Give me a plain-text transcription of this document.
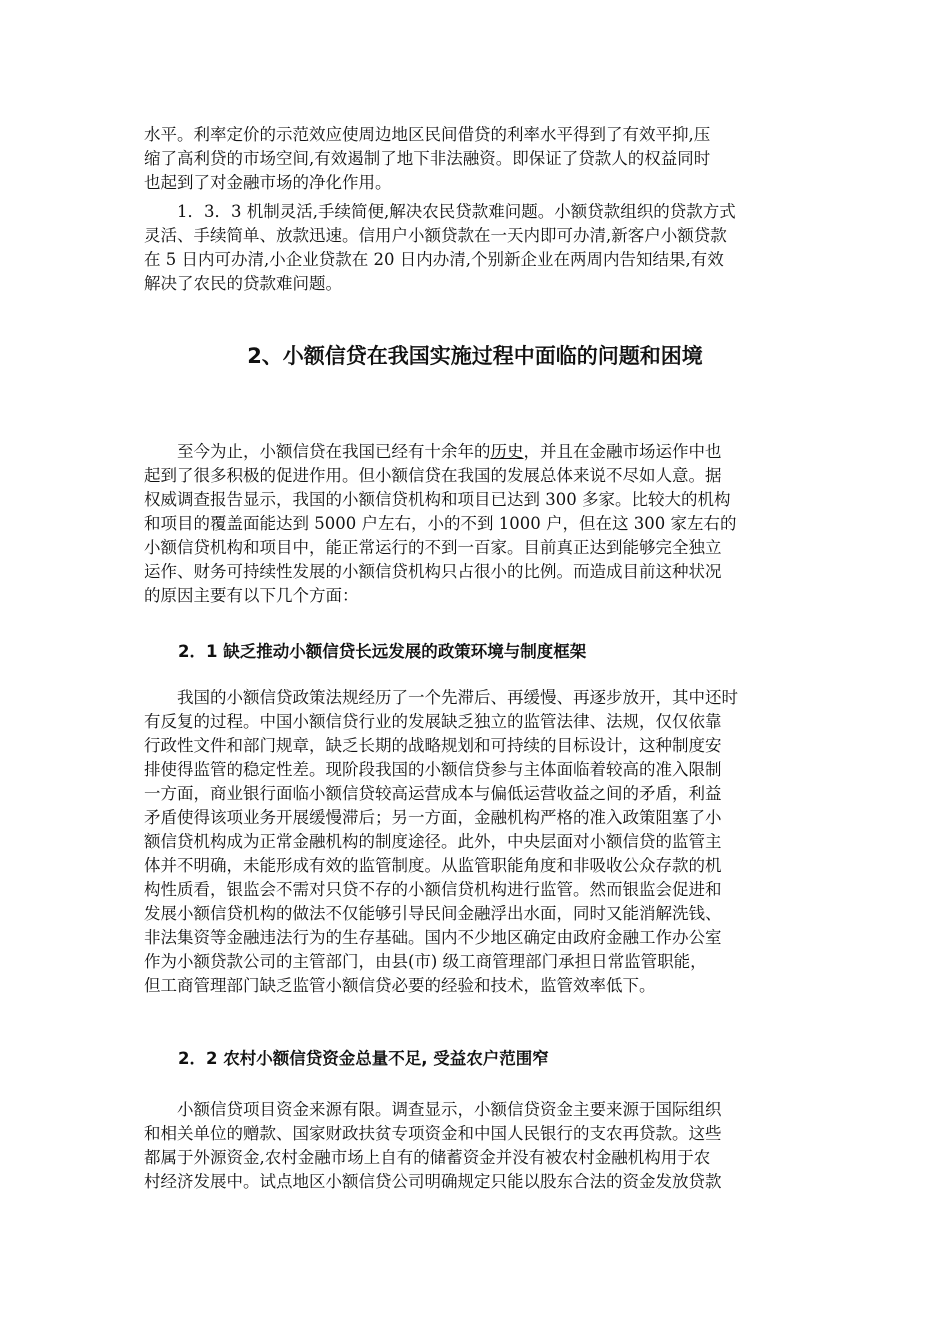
水平。利率定价的示范效应使周边地区民间借贷的利率水平得到了有效平抑,压
缩了高利贷的市场空间,有效遏制了地下非法融资。即保证了贷款人的权益同时
也起到了对金融市场的净化作用。
1．3．3 机制灵活,手续简便,解决农民贷款难问题。小额贷款组织的贷款方式
灵活、手续简单、放款迅速。信用户小额贷款在一天内即可办清,新客户小额贷款
在 5 日内可办清,小企业贷款在 20 日内办清,个别新企业在两周内告知结果,有效
解决了农民的贷款难问题。
2、小额信贷在我国实施过程中面临的问题和困境
至今为止，小额信贷在我国已经有十余年的历史，并且在金融市场运作中也
起到了很多积极的促进作用。但小额信贷在我国的发展总体来说不尽如人意。据
权威调查报告显示，我国的小额信贷机构和项目已达到 300 多家。比较大的机构
和项目的覆盖面能达到 5000 户左右，小的不到 1000 户，但在这 300 家左右的
小额信贷机构和项目中，能正常运行的不到一百家。目前真正达到能够完全独立
运作、财务可持续性发展的小额信贷机构只占很小的比例。而造成目前这种状况
的原因主要有以下几个方面：
2．1 缺乏推动小额信贷长远发展的政策环境与制度框架
我国的小额信贷政策法规经历了一个先滞后、再缓慢、再逐步放开，其中还时
有反复的过程。中国小额信贷行业的发展缺乏独立的监管法律、法规，仅仅依靠
行政性文件和部门规章，缺乏长期的战略规划和可持续的目标设计，这种制度安
排使得监管的稳定性差。现阶段我国的小额信贷参与主体面临着较高的准入限制
一方面，商业银行面临小额信贷较高运营成本与偏低运营收益之间的矛盾，利益
矛盾使得该项业务开展缓慢滞后；另一方面，金融机构严格的准入政策阻塞了小
额信贷机构成为正常金融机构的制度途径。此外，中央层面对小额信贷的监管主
体并不明确，未能形成有效的监管制度。从监管职能角度和非吸收公众存款的机
构性质看，银监会不需对只贷不存的小额信贷机构进行监管。然而银监会促进和
发展小额信贷机构的做法不仅能够引导民间金融浮出水面，同时又能消解洗钱、
非法集资等金融违法行为的生存基础。国内不少地区确定由政府金融工作办公室
作为小额贷款公司的主管部门，由县(市) 级工商管理部门承担日常监管职能，
但工商管理部门缺乏监管小额信贷必要的经验和技术，监管效率低下。
2．2 农村小额信贷资金总量不足, 受益农户范围窄
小额信贷项目资金来源有限。调查显示，小额信贷资金主要来源于国际组织
和相关单位的赠款、国家财政扶贫专项资金和中国人民银行的支农再贷款。这些
都属于外源资金,农村金融市场上自有的储蓄资金并没有被农村金融机构用于农
村经济发展中。试点地区小额信贷公司明确规定只能以股东合法的资金发放贷款
